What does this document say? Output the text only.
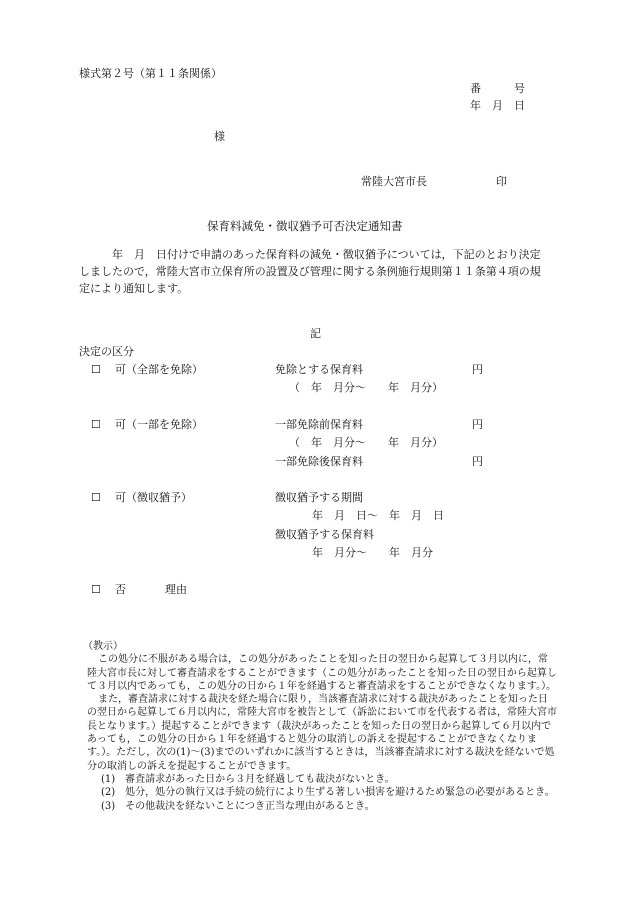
様式第２号（第１１条関係）
番　　　号
年　月　日
様
常陸大宮市長	印
保育料減免・徴収猶予可否決定通知書
年　月　日付けで申請のあった保育料の減免・徴収猶予については，下記のとおり決定しましたので，常陸大宮市立保育所の設置及び管理に関する条例施行規則第１１条第４項の規定により通知します。
記
決定の区分
☐ 可（全部を免除）	免除とする保育料	円
（　年　月分～　　年　月分）
☐ 可（一部を免除）	一部免除前保育料	円
（　年　月分～　　年　月分）
一部免除後保育料	円
☐ 可（徴収猶予）	徴収猶予する期間
年　月　日～　年　月　日
徴収猶予する保育料
年　月分～　　年　月分
☐ 否	理由
（教示）

この処分に不服がある場合は，この処分があったことを知った日の翌日から起算して３月以内に，常陸大宮市長に対して審査請求をすることができます（この処分があったことを知った日の翌日から起算して３月以内であっても，この処分の日から１年を経過すると審査請求をすることができなくなります。）。

また，審査請求に対する裁決を経た場合に限り，当該審査請求に対する裁決があったことを知った日の翌日から起算して６月以内に，常陸大宮市を被告として（訴訟において市を代表する者は，常陸大宮市長となります。）提起することができます（裁決があったことを知った日の翌日から起算して６月以内であっても，この処分の日から１年を経過すると処分の取消しの訴えを提起することができなくなります。）。ただし，次の(1)～(3)までのいずれかに該当するときは，当該審査請求に対する裁決を経ないで処分の取消しの訴えを提起することができます。

(1)　審査請求があった日から３月を経過しても裁決がないとき。

(2)　処分，処分の執行又は手続の続行により生ずる著しい損害を避けるため緊急の必要があるとき。

(3)　その他裁決を経ないことにつき正当な理由があるとき。
